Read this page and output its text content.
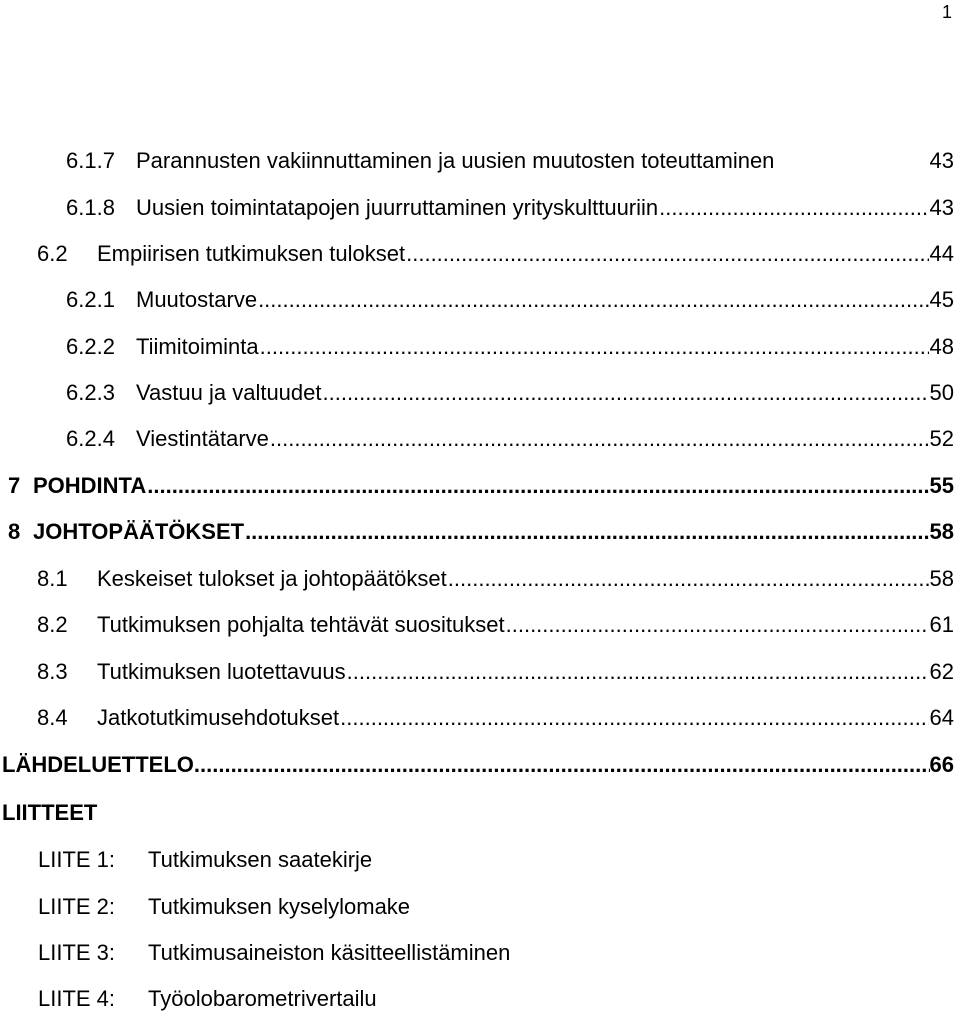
1
6.1.7 Parannusten vakiinnuttaminen ja uusien muutosten toteuttaminen	43
6.1.8 Uusien toimintatapojen juurruttaminen yrityskulttuuriin .....	43
6.2	Empiirisen tutkimuksen tulokset .....	44
6.2.1 Muutostarve .....	45
6.2.2 Tiimitoiminta .....	48
6.2.3 Vastuu ja valtuudet .....	50
6.2.4 Viestintätarve .....	52
7 POHDINTA .....	55
8 JOHTOPÄÄTÖKSET .....	58
8.1	Keskeiset tulokset ja johtopäätökset .....	58
8.2	Tutkimuksen pohjalta tehtävät suositukset .....	61
8.3	Tutkimuksen luotettavuus .....	62
8.4	Jatkotutkimusehdotukset .....	64
LÄHDELUETTELO .....	66
LIITTEET
LIITE 1:	Tutkimuksen saatekirje
LIITE 2:	Tutkimuksen kyselylomake
LIITE 3:	Tutkimusaineiston käsitteellistäminen
LIITE 4:	Työolobarometrivertailu
